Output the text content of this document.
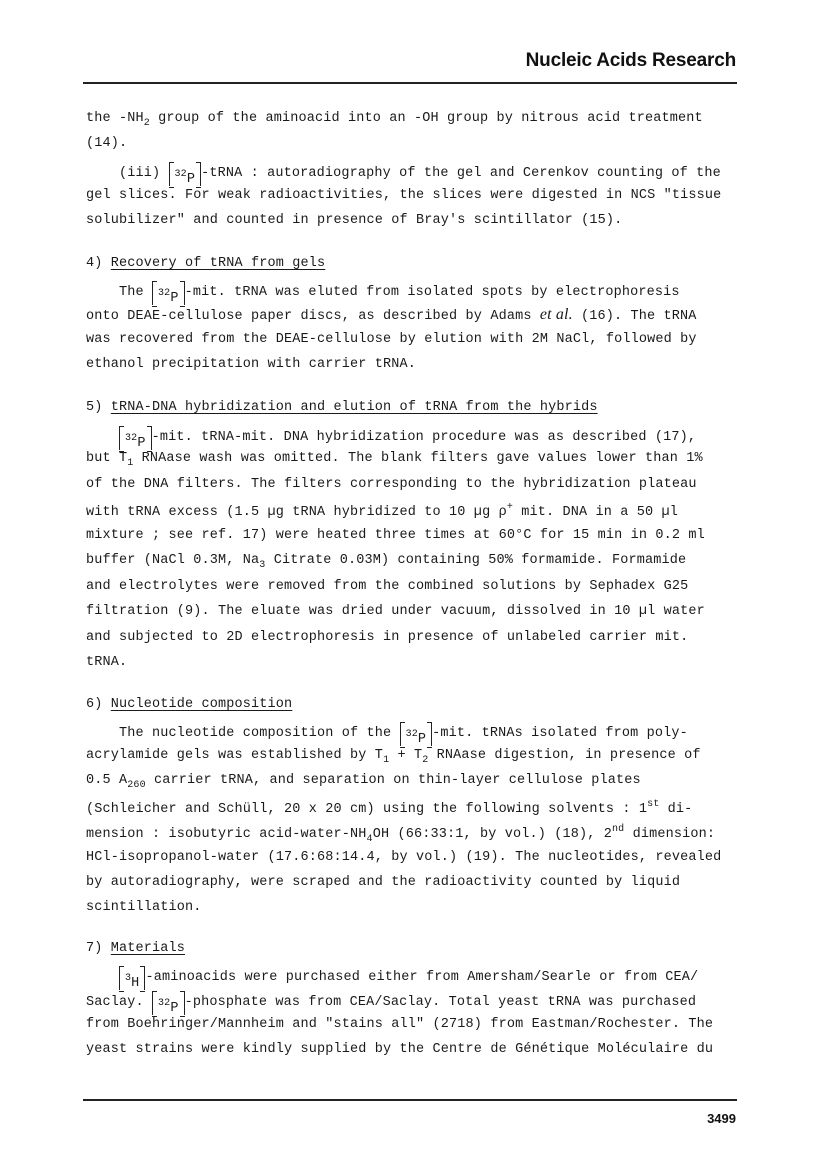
Nucleic Acids Research
the $-NH_2$ group of the aminoacid into an -OH group by nitrous acid treatment
(14).
(iii) $^{32}$P -tRNA : autoradiography of the gel and Cerenkov counting of the
gel slices. For weak radioactivities, the slices were digested in NCS "tissue
solubilizer" and counted in presence of Bray's scintillator (15).
4) Recovery of tRNA from gels
The $^{32}$P -mit. tRNA was eluted from isolated spots by electrophoresis
onto DEAE-cellulose paper discs, as described by Adams et al. (16). The tRNA
was recovered from the DEAE-cellulose by elution with 2M NaCl, followed by
ethanol precipitation with carrier tRNA.
5) tRNA-DNA hybridization and elution of tRNA from the hybrids
$^{32}$P -mit. tRNA-mit. DNA hybridization procedure was as described (17),
but $T_1$ RNAase wash was omitted. The blank filters gave values lower than 1%
of the DNA filters. The filters corresponding to the hybridization plateau
with tRNA excess (1.5 µg tRNA hybridized to 10 µg ρ+ mit. DNA in a 50 µl
mixture ; see ref. 17) were heated three times at 60°C for 15 min in 0.2 ml
buffer (NaCl 0.3M, $Na_3$ Citrate 0.03M) containing 50% formamide. Formamide
and electrolytes were removed from the combined solutions by Sephadex G25
filtration (9). The eluate was dried under vacuum, dissolved in 10 µl water
and subjected to 2D electrophoresis in presence of unlabeled carrier mit.
tRNA.
6) Nucleotide composition
The nucleotide composition of the $^{32}$P -mit. tRNAs isolated from poly-
acrylamide gels was established by $T_1 + T_2$ RNAase digestion, in presence of
0.5 $A_{260}$ carrier tRNA, and separation on thin-layer cellulose plates
(Schleicher and Schüll, 20 x 20 cm) using the following solvents : 1st di-
mension : isobutyric acid-$water-NH_4OH$ (66:33:1, by vol.) (18), 2nd dimension:
HCl-isopropanol-water (17.6:68:14.4, by vol.) (19). The nucleotides, revealed
by autoradiography, were scraped and the radioactivity counted by liquid
scintillation.
7) Materials
$^3$H -aminoacids were purchased either from Amersham/Searle or from CEA/
Saclay. $^{32}$P -phosphate was from CEA/Saclay. Total yeast tRNA was purchased
from Boehringer/Mannheim and "stains all" (2718) from Eastman/Rochester. The
yeast strains were kindly supplied by the Centre de Génétique Moléculaire du
3499
